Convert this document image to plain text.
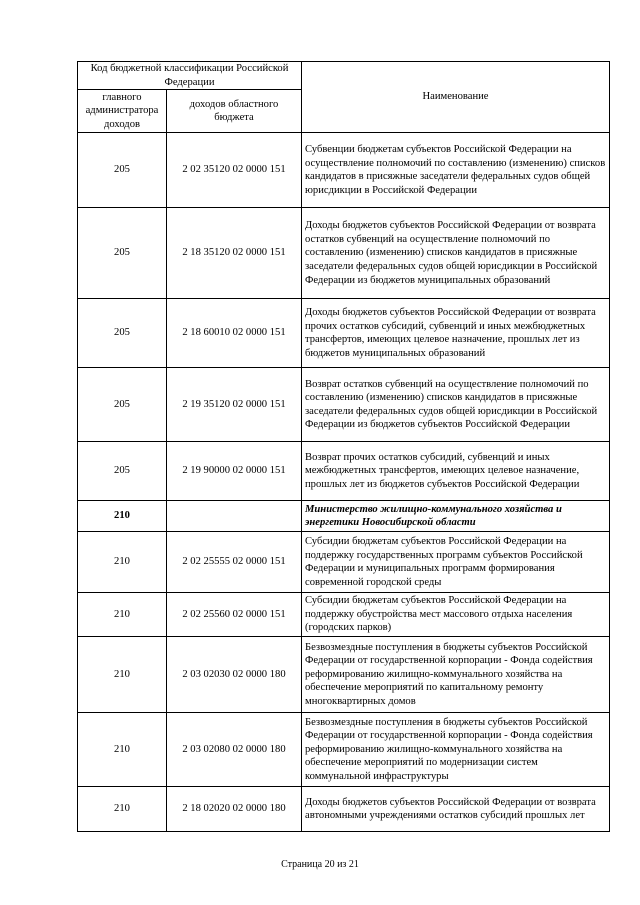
Код бюджетной классификации Российской Федерации		Наименование
главного администратора доходов	доходов областного бюджета	
205	2 02 35120 02 0000 151	Субвенции бюджетам субъектов Российской Федерации на осуществление полномочий по составлению (изменению) списков кандидатов в присяжные заседатели федеральных судов общей юрисдикции в Российской Федерации
205	2 18 35120 02 0000 151	Доходы бюджетов субъектов Российской Федерации от возврата остатков субвенций на осуществление полномочий по составлению (изменению) списков кандидатов в присяжные заседатели федеральных судов общей юрисдикции в Российской Федерации из бюджетов муниципальных образований
205	2 18 60010 02 0000 151	Доходы бюджетов субъектов Российской Федерации от возврата прочих остатков субсидий, субвенций и иных межбюджетных трансфертов, имеющих целевое назначение, прошлых лет из бюджетов муниципальных образований
205	2 19 35120 02 0000 151	Возврат остатков субвенций на осуществление полномочий по составлению (изменению) списков кандидатов в присяжные заседатели федеральных судов общей юрисдикции в Российской Федерации из бюджетов субъектов Российской Федерации
205	2 19 90000 02 0000 151	Возврат прочих остатков субсидий, субвенций и иных межбюджетных трансфертов, имеющих целевое назначение, прошлых лет из бюджетов субъектов Российской Федерации
210		Министерство жилищно-коммунального хозяйства и энергетики Новосибирской области
210	2 02 25555 02 0000 151	Субсидии бюджетам субъектов Российской Федерации на поддержку государственных программ субъектов Российской Федерации и муниципальных программ формирования современной городской среды
210	2 02 25560 02 0000 151	Субсидии бюджетам субъектов Российской Федерации на поддержку обустройства мест массового отдыха населения (городских парков)
210	2 03 02030 02 0000 180	Безвозмездные поступления в бюджеты субъектов Российской Федерации от государственной корпорации - Фонда содействия реформированию жилищно-коммунального хозяйства на обеспечение мероприятий по капитальному ремонту многоквартирных домов
210	2 03 02080 02 0000 180	Безвозмездные поступления в бюджеты субъектов Российской Федерации от государственной корпорации - Фонда содействия реформированию жилищно-коммунального хозяйства на обеспечение мероприятий по модернизации систем коммунальной инфраструктуры
210	2 18 02020 02 0000 180	Доходы бюджетов субъектов Российской Федерации от возврата автономными учреждениями остатков субсидий прошлых лет
Страница 20 из 21
